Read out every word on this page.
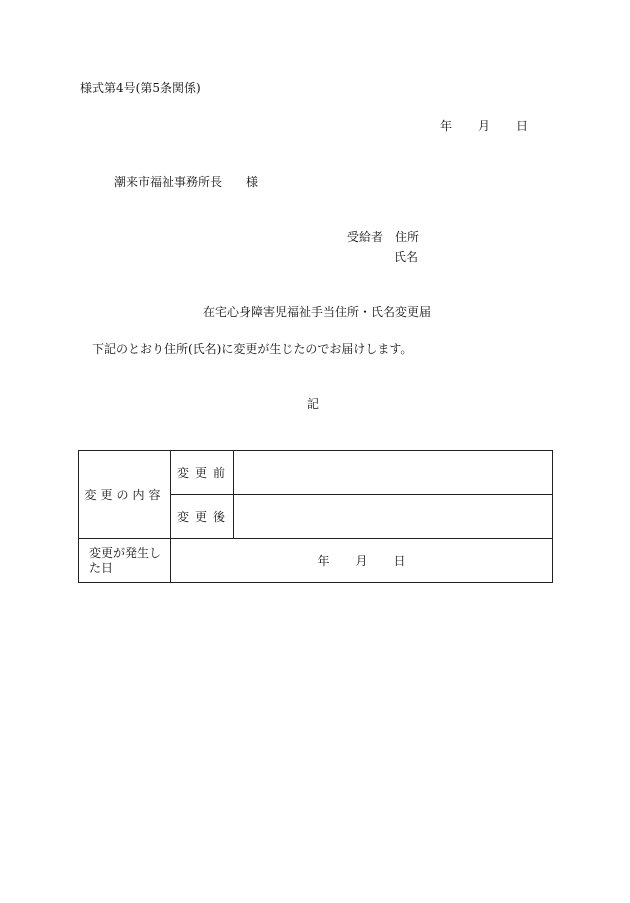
様式第4号(第5条関係)
年 月 日
潮来市福祉事務所長　　様
受給者　住所
氏名
在宅心身障害児福祉手当住所・氏名変更届
下記のとおり住所(氏名)に変更が生じたのでお届けします。
記
変更の内容	変更前	
	変更後	
変更が発生した日	年 月 日	
